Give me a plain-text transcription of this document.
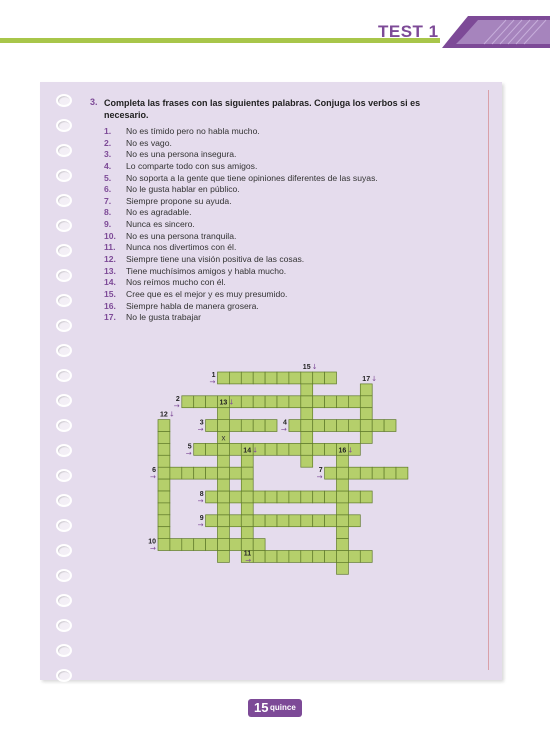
TEST 1
3. Completa las frases con las siguientes palabras. Conjuga los verbos si es necesario.
1. No es tímido pero no habla mucho.
2. No es vago.
3. No es una persona insegura.
4. Lo comparte todo con sus amigos.
5. No soporta a la gente que tiene opiniones diferentes de las suyas.
6. No le gusta hablar en público.
7. Siempre propone su ayuda.
8. No es agradable.
9. Nunca es sincero.
10. No es una persona tranquila.
11. Nunca nos divertimos con él.
12. Siempre tiene una visión positiva de las cosas.
13. Tiene muchísimos amigos y habla mucho.
14. Nos reímos mucho con él.
15. Cree que es el mejor y es muy presumido.
16. Siempre habla de manera grosera.
17. No le gusta trabajar
1
→
2
→
3
→
4
→
5
→
6
→
7
→
8
→
9
→
10
→
11
→
12 ↓
13 ↓
14 ↓
15 ↓
16 ↓
17 ↓
x
15 quince
